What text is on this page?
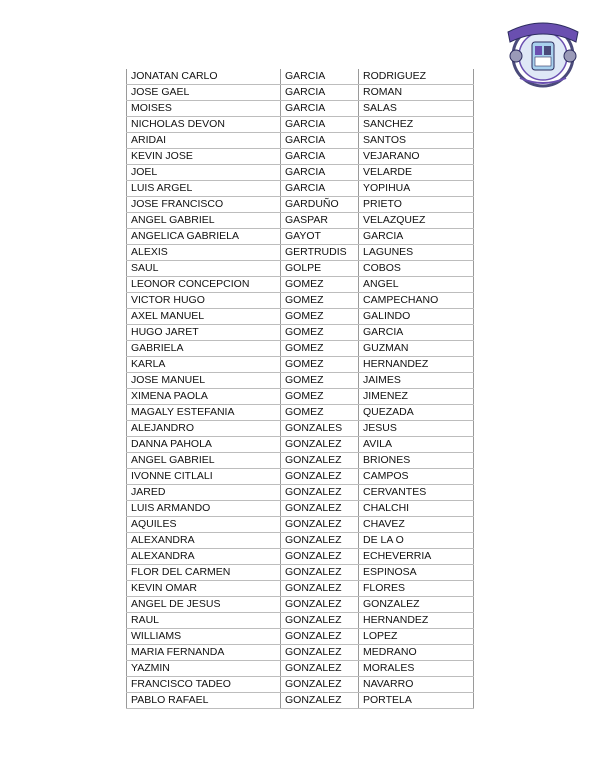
JONATAN CARLO	GARCIA	RODRIGUEZ
JOSE GAEL	GARCIA	ROMAN
MOISES	GARCIA	SALAS
NICHOLAS DEVON	GARCIA	SANCHEZ
ARIDAI	GARCIA	SANTOS
KEVIN JOSE	GARCIA	VEJARANO
JOEL	GARCIA	VELARDE
LUIS ARGEL	GARCIA	YOPIHUA
JOSE FRANCISCO	GARDUÑO	PRIETO
ANGEL GABRIEL	GASPAR	VELAZQUEZ
ANGELICA GABRIELA	GAYOT	GARCIA
ALEXIS	GERTRUDIS	LAGUNES
SAUL	GOLPE	COBOS
LEONOR CONCEPCION	GOMEZ	ANGEL
VICTOR HUGO	GOMEZ	CAMPECHANO
AXEL MANUEL	GOMEZ	GALINDO
HUGO JARET	GOMEZ	GARCIA
GABRIELA	GOMEZ	GUZMAN
KARLA	GOMEZ	HERNANDEZ
JOSE MANUEL	GOMEZ	JAIMES
XIMENA PAOLA	GOMEZ	JIMENEZ
MAGALY ESTEFANIA	GOMEZ	QUEZADA
ALEJANDRO	GONZALES	JESUS
DANNA PAHOLA	GONZALEZ	AVILA
ANGEL GABRIEL	GONZALEZ	BRIONES
IVONNE CITLALI	GONZALEZ	CAMPOS
JARED	GONZALEZ	CERVANTES
LUIS ARMANDO	GONZALEZ	CHALCHI
AQUILES	GONZALEZ	CHAVEZ
ALEXANDRA	GONZALEZ	DE LA O
ALEXANDRA	GONZALEZ	ECHEVERRIA
FLOR DEL CARMEN	GONZALEZ	ESPINOSA
KEVIN OMAR	GONZALEZ	FLORES
ANGEL DE JESUS	GONZALEZ	GONZALEZ
RAUL	GONZALEZ	HERNANDEZ
WILLIAMS	GONZALEZ	LOPEZ
MARIA FERNANDA	GONZALEZ	MEDRANO
YAZMIN	GONZALEZ	MORALES
FRANCISCO TADEO	GONZALEZ	NAVARRO
PABLO RAFAEL	GONZALEZ	PORTELA
